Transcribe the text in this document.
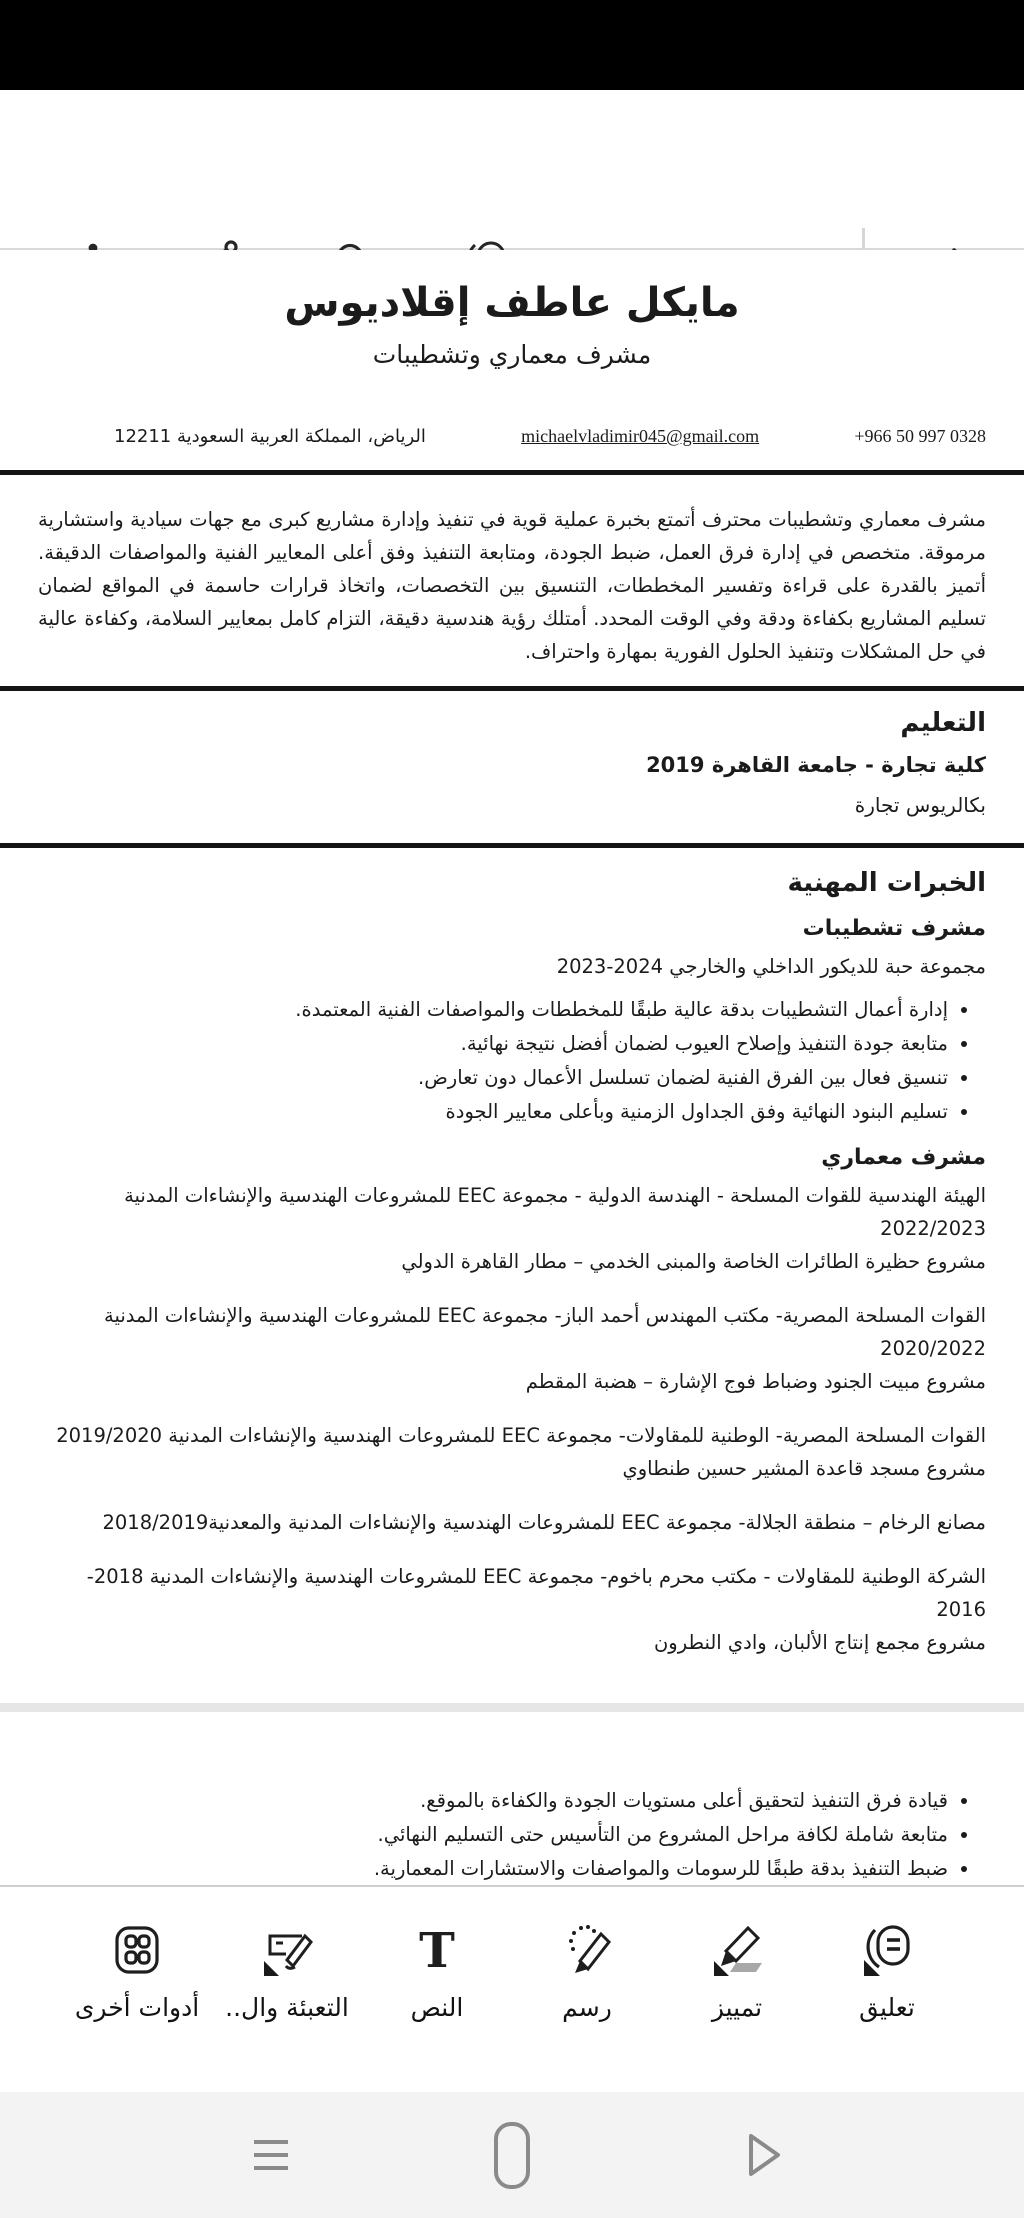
مايكل عاطف إقلاديوس
مشرف معماري وتشطيبات
الرياض، المملكة العربية السعودية 12211	michaelvladimir045@gmail.com	+966 50 997 0328
مشرف معماري وتشطيبات محترف أتمتع بخبرة عملية قوية في تنفيذ وإدارة مشاريع كبرى مع جهات سيادية واستشارية مرموقة. متخصص في إدارة فرق العمل، ضبط الجودة، ومتابعة التنفيذ وفق أعلى المعايير الفنية والمواصفات الدقيقة. أتميز بالقدرة على قراءة وتفسير المخططات، التنسيق بين التخصصات، واتخاذ قرارات حاسمة في المواقع لضمان تسليم المشاريع بكفاءة ودقة وفي الوقت المحدد. أمتلك رؤية هندسية دقيقة، التزام كامل بمعايير السلامة، وكفاءة عالية في حل المشكلات وتنفيذ الحلول الفورية بمهارة واحتراف.
التعليم
كلية تجارة - جامعة القاهرة 2019
بكالريوس تجارة
الخبرات المهنية
مشرف تشطيبات
مجموعة حبة للديكور الداخلي والخارجي 2024-2023
• إدارة أعمال التشطيبات بدقة عالية طبقًا للمخططات والمواصفات الفنية المعتمدة.
• متابعة جودة التنفيذ وإصلاح العيوب لضمان أفضل نتيجة نهائية.
• تنسيق فعال بين الفرق الفنية لضمان تسلسل الأعمال دون تعارض.
• تسليم البنود النهائية وفق الجداول الزمنية وبأعلى معايير الجودة
مشرف معماري
الهيئة الهندسية للقوات المسلحة - الهندسة الدولية - مجموعة EEC للمشروعات الهندسية والإنشاءات المدنية 2022/2023
مشروع حظيرة الطائرات الخاصة والمبنى الخدمي – مطار القاهرة الدولي
القوات المسلحة المصرية- مكتب المهندس أحمد الباز- مجموعة EEC للمشروعات الهندسية والإنشاءات المدنية 2020/2022
مشروع مبيت الجنود وضباط فوج الإشارة – هضبة المقطم
القوات المسلحة المصرية- الوطنية للمقاولات- مجموعة EEC للمشروعات الهندسية والإنشاءات المدنية 2019/2020
مشروع مسجد قاعدة المشير حسين طنطاوي
مصانع الرخام – منطقة الجلالة- مجموعة EEC للمشروعات الهندسية والإنشاءات المدنية والمعدنية2018/2019
الشركة الوطنية للمقاولات - مكتب محرم باخوم- مجموعة EEC للمشروعات الهندسية والإنشاءات المدنية 2018-2016
مشروع مجمع إنتاج الألبان، وادي النطرون
• قيادة فرق التنفيذ لتحقيق أعلى مستويات الجودة والكفاءة بالموقع.
• متابعة شاملة لكافة مراحل المشروع من التأسيس حتى التسليم النهائي.
• ضبط التنفيذ بدقة طبقًا للرسومات والمواصفات والاستشارات المعمارية.
•
أدوات أخرى التعبئة وال..
T
النص	رسم	تمييز	تعليق
